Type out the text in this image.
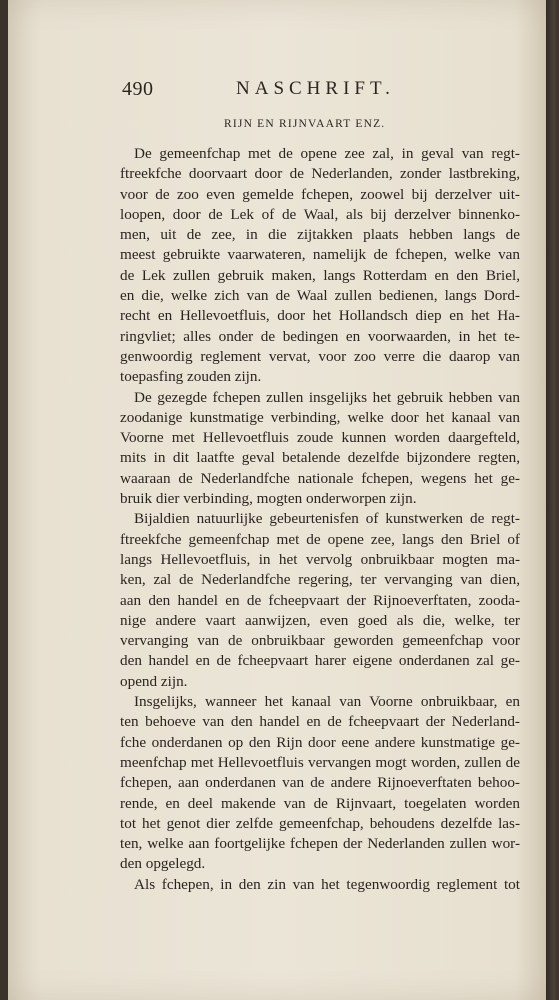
490	NASCHRIFT.
RIJN EN RIJNVAART ENZ.
De gemeenfchap met de opene zee zal, in geval van regt-
ftreekfche doorvaart door de Nederlanden, zonder lastbreking,
voor de zoo even gemelde fchepen, zoowel bij derzelver uit-
loopen, door de Lek of de Waal, als bij derzelver binnenko-
men, uit de zee, in die zijtakken plaats hebben langs de
meest gebruikte vaarwateren, namelijk de fchepen, welke van
de Lek zullen gebruik maken, langs Rotterdam en den Briel,
en die, welke zich van de Waal zullen bedienen, langs Dord-
recht en Hellevoetfluis, door het Hollandsch diep en het Ha-
ringvliet; alles onder de bedingen en voorwaarden, in het te-
genwoordig reglement vervat, voor zoo verre die daarop van
toepasfing zouden zijn.
De gezegde fchepen zullen insgelijks het gebruik hebben van
zoodanige kunstmatige verbinding, welke door het kanaal van
Voorne met Hellevoetfluis zoude kunnen worden daargefteld,
mits in dit laatfte geval betalende dezelfde bijzondere regten,
waaraan de Nederlandfche nationale fchepen, wegens het ge-
bruik dier verbinding, mogten onderworpen zijn.
Bijaldien natuurlijke gebeurtenisfen of kunstwerken de regt-
ftreekfche gemeenfchap met de opene zee, langs den Briel of
langs Hellevoetfluis, in het vervolg onbruikbaar mogten ma-
ken, zal de Nederlandfche regering, ter vervanging van dien,
aan den handel en de fcheepvaart der Rijnoeverftaten, zooda-
nige andere vaart aanwijzen, even goed als die, welke, ter
vervanging van de onbruikbaar geworden gemeenfchap voor
den handel en de fcheepvaart harer eigene onderdanen zal ge-
opend zijn.
Insgelijks, wanneer het kanaal van Voorne onbruikbaar, en
ten behoeve van den handel en de fcheepvaart der Nederland-
fche onderdanen op den Rijn door eene andere kunstmatige ge-
meenfchap met Hellevoetfluis vervangen mogt worden, zullen de
fchepen, aan onderdanen van de andere Rijnoeverftaten behoo-
rende, en deel makende van de Rijnvaart, toegelaten worden
tot het genot dier zelfde gemeenfchap, behoudens dezelfde las-
ten, welke aan foortgelijke fchepen der Nederlanden zullen wor-
den opgelegd.
Als fchepen, in den zin van het tegenwoordig reglement tot
